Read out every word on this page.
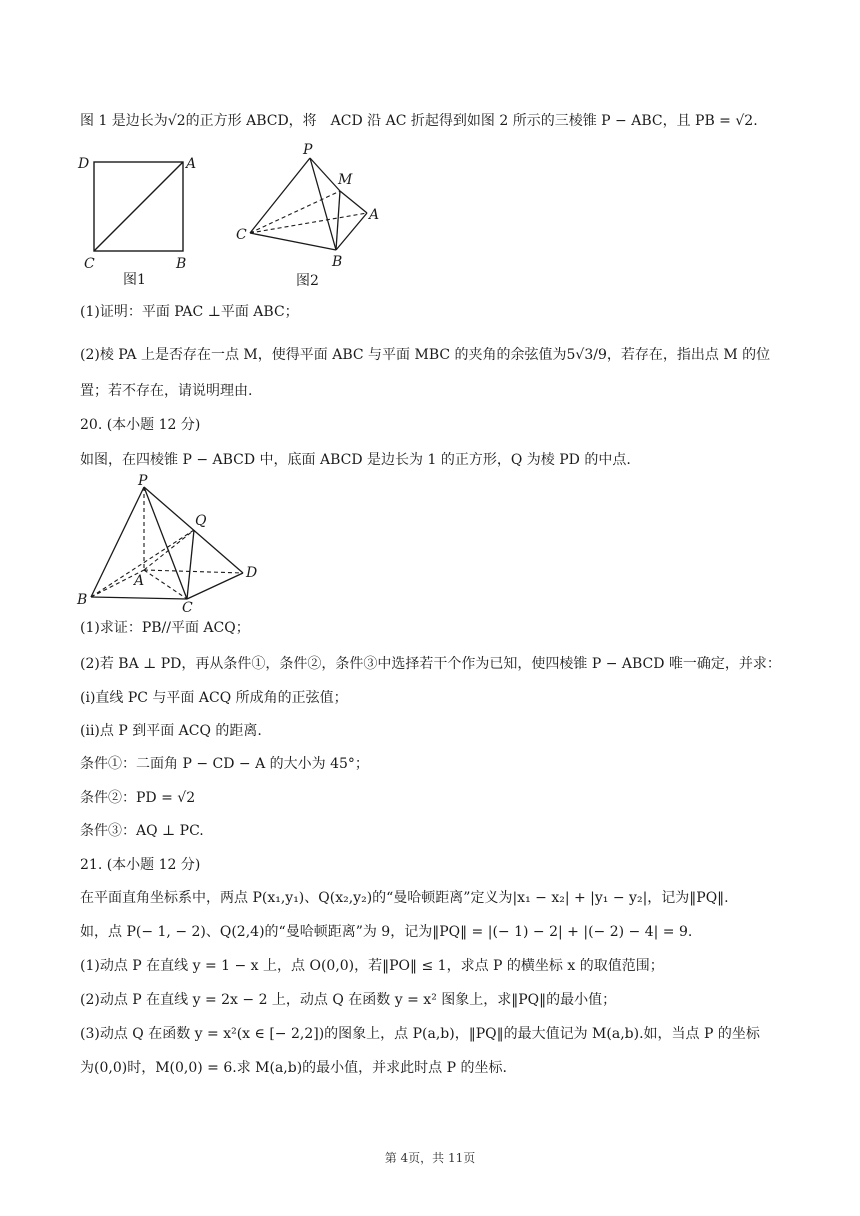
图 1 是边长为√2的正方形 ABCD，将　ACD 沿 AC 折起得到如图 2 所示的三棱锥 P − ABC，且 PB = √2.
D	A
C	B
图1
P
M
A
C
B
图2
(1)证明：平面 PAC ⊥平面 ABC；
(2)棱 PA 上是否存在一点 M，使得平面 ABC 与平面 MBC 的夹角的余弦值为5√3/9，若存在，指出点 M 的位
置；若不存在，请说明理由.
20. (本小题 12 分)
如图，在四棱锥 P − ABCD 中，底面 ABCD 是边长为 1 的正方形，Q 为棱 PD 的中点.
P
Q
A
B	C
D
(1)求证：PB//平面 ACQ；
(2)若 BA ⊥ PD，再从条件①，条件②，条件③中选择若干个作为已知，使四棱锥 P − ABCD 唯一确定，并求：
(i)直线 PC 与平面 ACQ 所成角的正弦值；
(ii)点 P 到平面 ACQ 的距离.
条件①：二面角 P − CD − A 的大小为 45°；
条件②：PD = √2
条件③：AQ ⊥ PC.
21. (本小题 12 分)
在平面直角坐标系中，两点 P(x₁,y₁)、Q(x₂,y₂)的“曼哈顿距离”定义为|x₁ − x₂| + |y₁ − y₂|，记为‖PQ‖.
如，点 P(− 1, − 2)、Q(2,4)的“曼哈顿距离”为 9，记为‖PQ‖ = |(− 1) − 2| + |(− 2) − 4| = 9.
(1)动点 P 在直线 y = 1 − x 上，点 O(0,0)，若‖PO‖ ≤ 1，求点 P 的横坐标 x 的取值范围；
(2)动点 P 在直线 y = 2x − 2 上，动点 Q 在函数 y = x² 图象上，求‖PQ‖的最小值；
(3)动点 Q 在函数 y = x²(x ∈ [− 2,2])的图象上，点 P(a,b)，‖PQ‖的最大值记为 M(a,b).如，当点 P 的坐标
为(0,0)时，M(0,0) = 6.求 M(a,b)的最小值，并求此时点 P 的坐标.
第 4页，共 11页
